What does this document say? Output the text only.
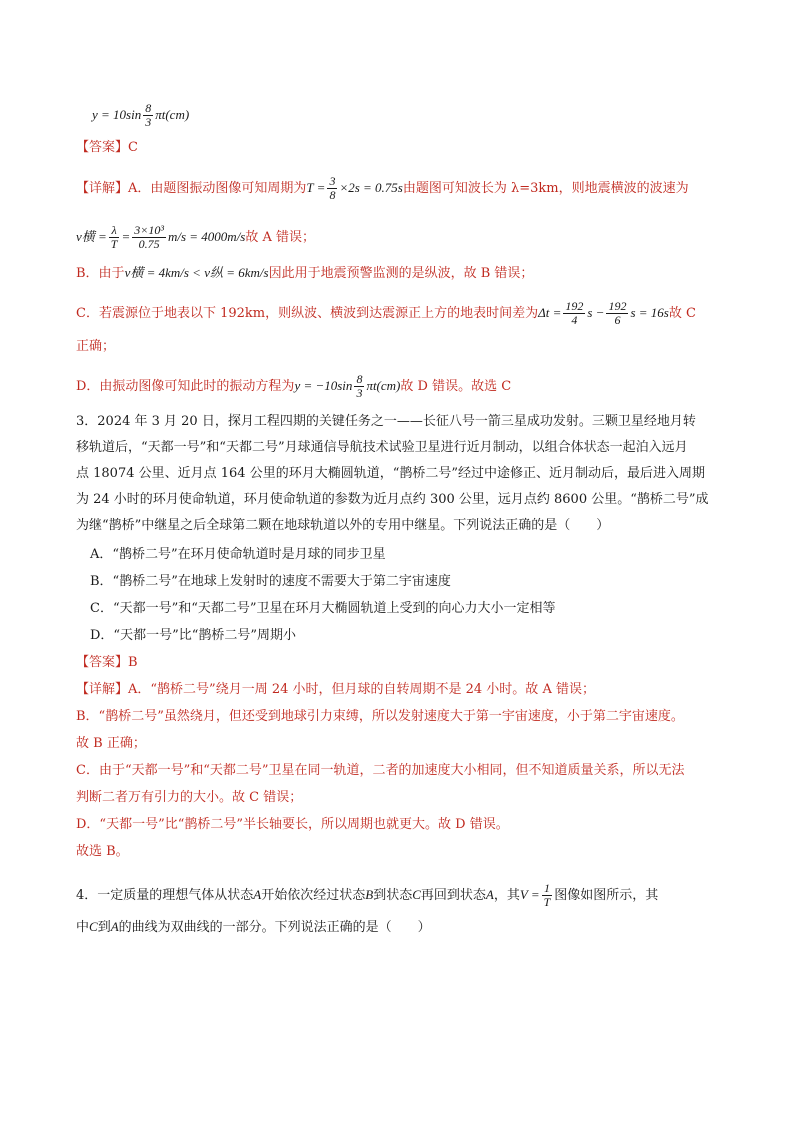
$y = 10\sin \frac{8}{3} \pi t(cm)$
【答案】C
【详解】A．由题图振动图像可知周期为$T = \frac{3}{8} \times 2s = 0.75s$由题图可知波长为 λ=3km，则地震横波的波速为
v横 = $\frac{\lambda}{T} = \frac{\text{3×10³}}{0.75} m/s = 4000m/s$故 A 错误；
B．由于v横 = 4km/s < v纵 = 6km/s因此用于地震预警监测的是纵波，故 B 错误；
C．若震源位于地表以下 192km，则纵波、横波到达震源正上方的地表时间差为$\Delta t = \frac{192}{4}$ $s - \frac{192}{6}$ s = 16s故 C
正确；
D．由振动图像可知此时的振动方程为$y = -10\sin \frac{8}{3} \pi t(cm)$故 D 错误。故选 C
3．2024 年 3 月 20 日，探月工程四期的关键任务之一——长征八号一箭三星成功发射。三颗卫星经地月转
移轨道后，“天都一号”和“天都二号”月球通信导航技术试验卫星进行近月制动，以组合体状态一起泊入远月
点 18074 公里、近月点 164 公里的环月大椭圆轨道，“鹊桥二号”经过中途修正、近月制动后，最后进入周期
为 24 小时的环月使命轨道，环月使命轨道的参数为近月点约 300 公里，远月点约 8600 公里。“鹊桥二号”成
为继“鹊桥”中继星之后全球第二颗在地球轨道以外的专用中继星。下列说法正确的是（　　）
A．“鹊桥二号”在环月使命轨道时是月球的同步卫星
B．“鹊桥二号”在地球上发射时的速度不需要大于第二宇宙速度
C．“天都一号”和“天都二号”卫星在环月大椭圆轨道上受到的向心力大小一定相等
D．“天都一号”比“鹊桥二号”周期小
【答案】B
【详解】A．“鹊桥二号”绕月一周 24 小时，但月球的自转周期不是 24 小时。故 A 错误；
B．“鹊桥二号”虽然绕月，但还受到地球引力束缚，所以发射速度大于第一宇宙速度，小于第二宇宙速度。
故 B 正确；
C．由于“天都一号”和“天都二号”卫星在同一轨道，二者的加速度大小相同，但不知道质量关系，所以无法
判断二者万有引力的大小。故 C 错误；
D．“天都一号”比“鹊桥二号”半长轴要长，所以周期也就更大。故 D 错误。
故选 B。
4．一定质量的理想气体从状态A开始依次经过状态B到状态C再回到状态A，其$V = \frac{1}{T}$ 图像如图所示，其
中C到A的曲线为双曲线的一部分。下列说法正确的是（　　）
